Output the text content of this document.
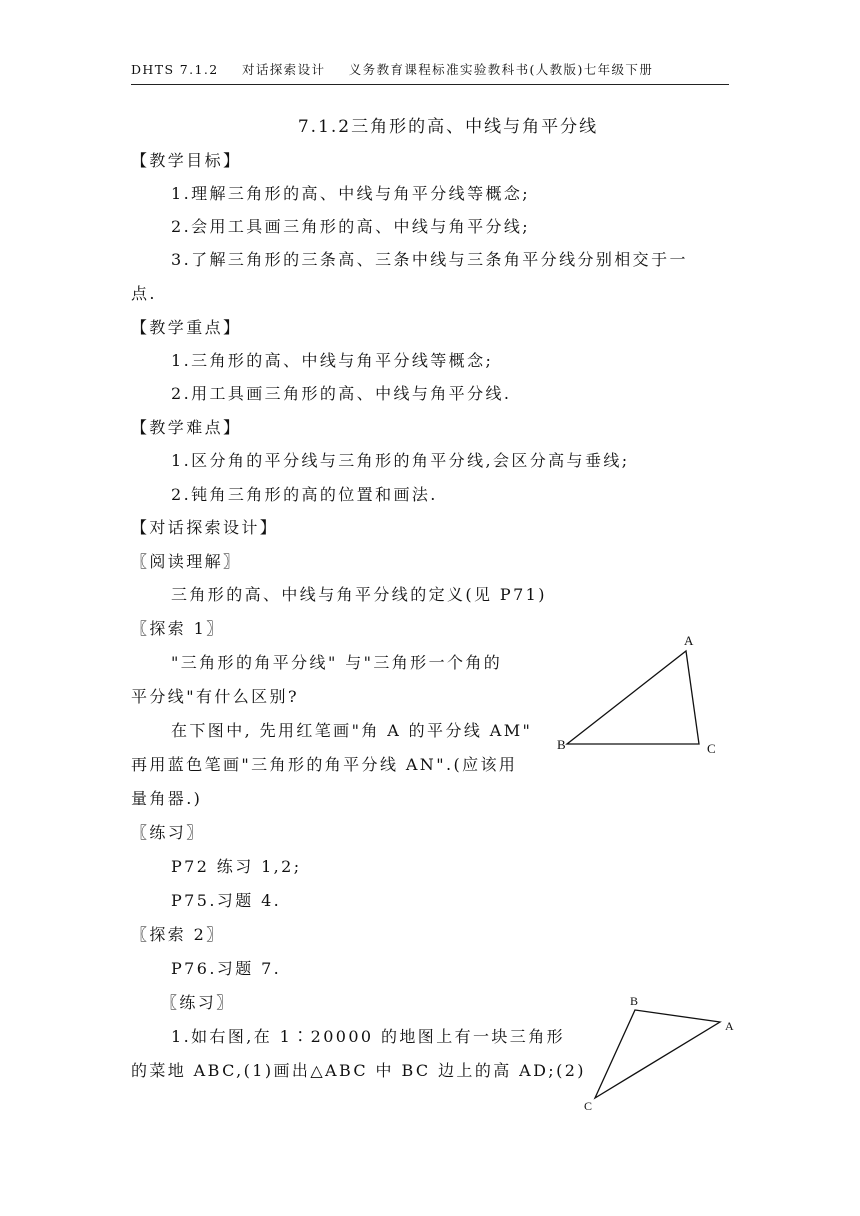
DHTS 7.1.2 对话探索设计 义务教育课程标准实验教科书(人教版)七年级下册
7.1.2三角形的高、中线与角平分线
【教学目标】
1.理解三角形的高、中线与角平分线等概念;
2.会用工具画三角形的高、中线与角平分线;
3.了解三角形的三条高、三条中线与三条角平分线分别相交于一
点.
【教学重点】
1.三角形的高、中线与角平分线等概念;
2.用工具画三角形的高、中线与角平分线.
【教学难点】
1.区分角的平分线与三角形的角平分线,会区分高与垂线;
2.钝角三角形的高的位置和画法.
【对话探索设计】
〖阅读理解〗
三角形的高、中线与角平分线的定义(见 P71)
〖探索 1〗
"三角形的角平分线" 与"三角形一个角的
平分线"有什么区别?
在下图中, 先用红笔画"角 A 的平分线 AM"
再用蓝色笔画"三角形的角平分线 AN".(应该用
量角器.)
〖练习〗
P72 练习 1,2;
P75.习题 4.
〖探索 2〗
P76.习题 7.
〖练习〗
1.如右图,在 1∶20000 的地图上有一块三角形
的菜地 ABC,(1)画出△ABC 中 BC 边上的高 AD;(2)
A
B	C
B
A
C
